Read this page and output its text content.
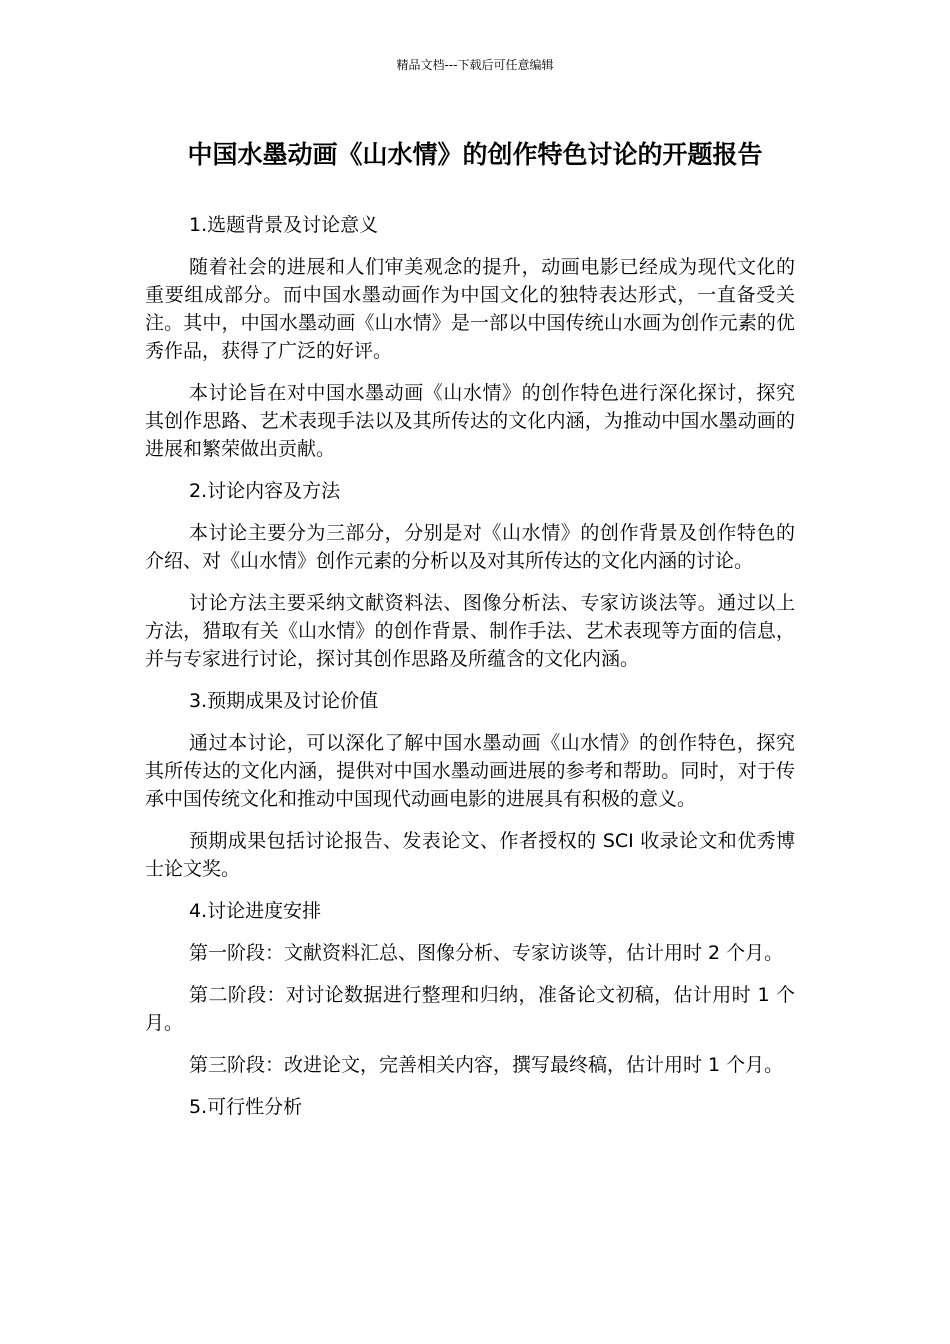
精品文档---下载后可任意编辑
中国水墨动画《山水情》的创作特色讨论的开题报告

1.选题背景及讨论意义

随着社会的进展和人们审美观念的提升，动画电影已经成为现代文化的重要组成部分。而中国水墨动画作为中国文化的独特表达形式，一直备受关注。其中，中国水墨动画《山水情》是一部以中国传统山水画为创作元素的优秀作品，获得了广泛的好评。

本讨论旨在对中国水墨动画《山水情》的创作特色进行深化探讨，探究其创作思路、艺术表现手法以及其所传达的文化内涵，为推动中国水墨动画的进展和繁荣做出贡献。

2.讨论内容及方法

本讨论主要分为三部分，分别是对《山水情》的创作背景及创作特色的介绍、对《山水情》创作元素的分析以及对其所传达的文化内涵的讨论。

讨论方法主要采纳文献资料法、图像分析法、专家访谈法等。通过以上方法，猎取有关《山水情》的创作背景、制作手法、艺术表现等方面的信息，并与专家进行讨论，探讨其创作思路及所蕴含的文化内涵。

3.预期成果及讨论价值

通过本讨论，可以深化了解中国水墨动画《山水情》的创作特色，探究其所传达的文化内涵，提供对中国水墨动画进展的参考和帮助。同时，对于传承中国传统文化和推动中国现代动画电影的进展具有积极的意义。

预期成果包括讨论报告、发表论文、作者授权的 SCI 收录论文和优秀博士论文奖。

4.讨论进度安排

第一阶段：文献资料汇总、图像分析、专家访谈等，估计用时 2 个月。

第二阶段：对讨论数据进行整理和归纳，准备论文初稿，估计用时 1 个月。

第三阶段：改进论文，完善相关内容，撰写最终稿，估计用时 1 个月。

5.可行性分析
